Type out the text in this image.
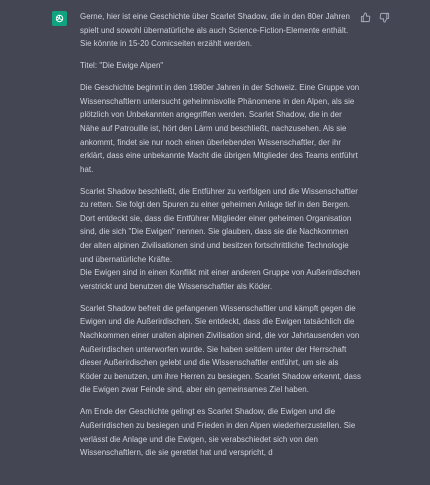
Gerne, hier ist eine Geschichte über Scarlet Shadow, die in den 80er Jahren spielt und sowohl übernatürliche als auch Science-Fiction-Elemente enthält. Sie könnte in 15-20 Comicseiten erzählt werden.

Titel: "Die Ewige Alpen"

Die Geschichte beginnt in den 1980er Jahren in der Schweiz. Eine Gruppe von Wissenschaftlern untersucht geheimnisvolle Phänomene in den Alpen, als sie plötzlich von Unbekannten angegriffen werden. Scarlet Shadow, die in der Nähe auf Patrouille ist, hört den Lärm und beschließt, nachzusehen. Als sie ankommt, findet sie nur noch einen überlebenden Wissenschaftler, der ihr erklärt, dass eine unbekannte Macht die übrigen Mitglieder des Teams entführt hat.

Scarlet Shadow beschließt, die Entführer zu verfolgen und die Wissenschaftler zu retten. Sie folgt den Spuren zu einer geheimen Anlage tief in den Bergen. Dort entdeckt sie, dass die Entführer Mitglieder einer geheimen Organisation sind, die sich "Die Ewigen" nennen. Sie glauben, dass sie die Nachkommen der alten alpinen Zivilisationen sind und besitzen fortschrittliche Technologie und übernatürliche Kräfte.
Die Ewigen sind in einen Konflikt mit einer anderen Gruppe von Außerirdischen verstrickt und benutzen die Wissenschaftler als Köder.

Scarlet Shadow befreit die gefangenen Wissenschaftler und kämpft gegen die Ewigen und die Außerirdischen. Sie entdeckt, dass die Ewigen tatsächlich die Nachkommen einer uralten alpinen Zivilisation sind, die vor Jahrtausenden von Außerirdischen unterworfen wurde. Sie haben seitdem unter der Herrschaft dieser Außerirdischen gelebt und die Wissenschaftler entführt, um sie als Köder zu benutzen, um ihre Herren zu besiegen. Scarlet Shadow erkennt, dass die Ewigen zwar Feinde sind, aber ein gemeinsames Ziel haben.

Am Ende der Geschichte gelingt es Scarlet Shadow, die Ewigen und die Außerirdischen zu besiegen und Frieden in den Alpen wiederherzustellen. Sie verlässt die Anlage und die Ewigen, sie verabschiedet sich von den Wissenschaftlern, die sie gerettet hat und verspricht, d
